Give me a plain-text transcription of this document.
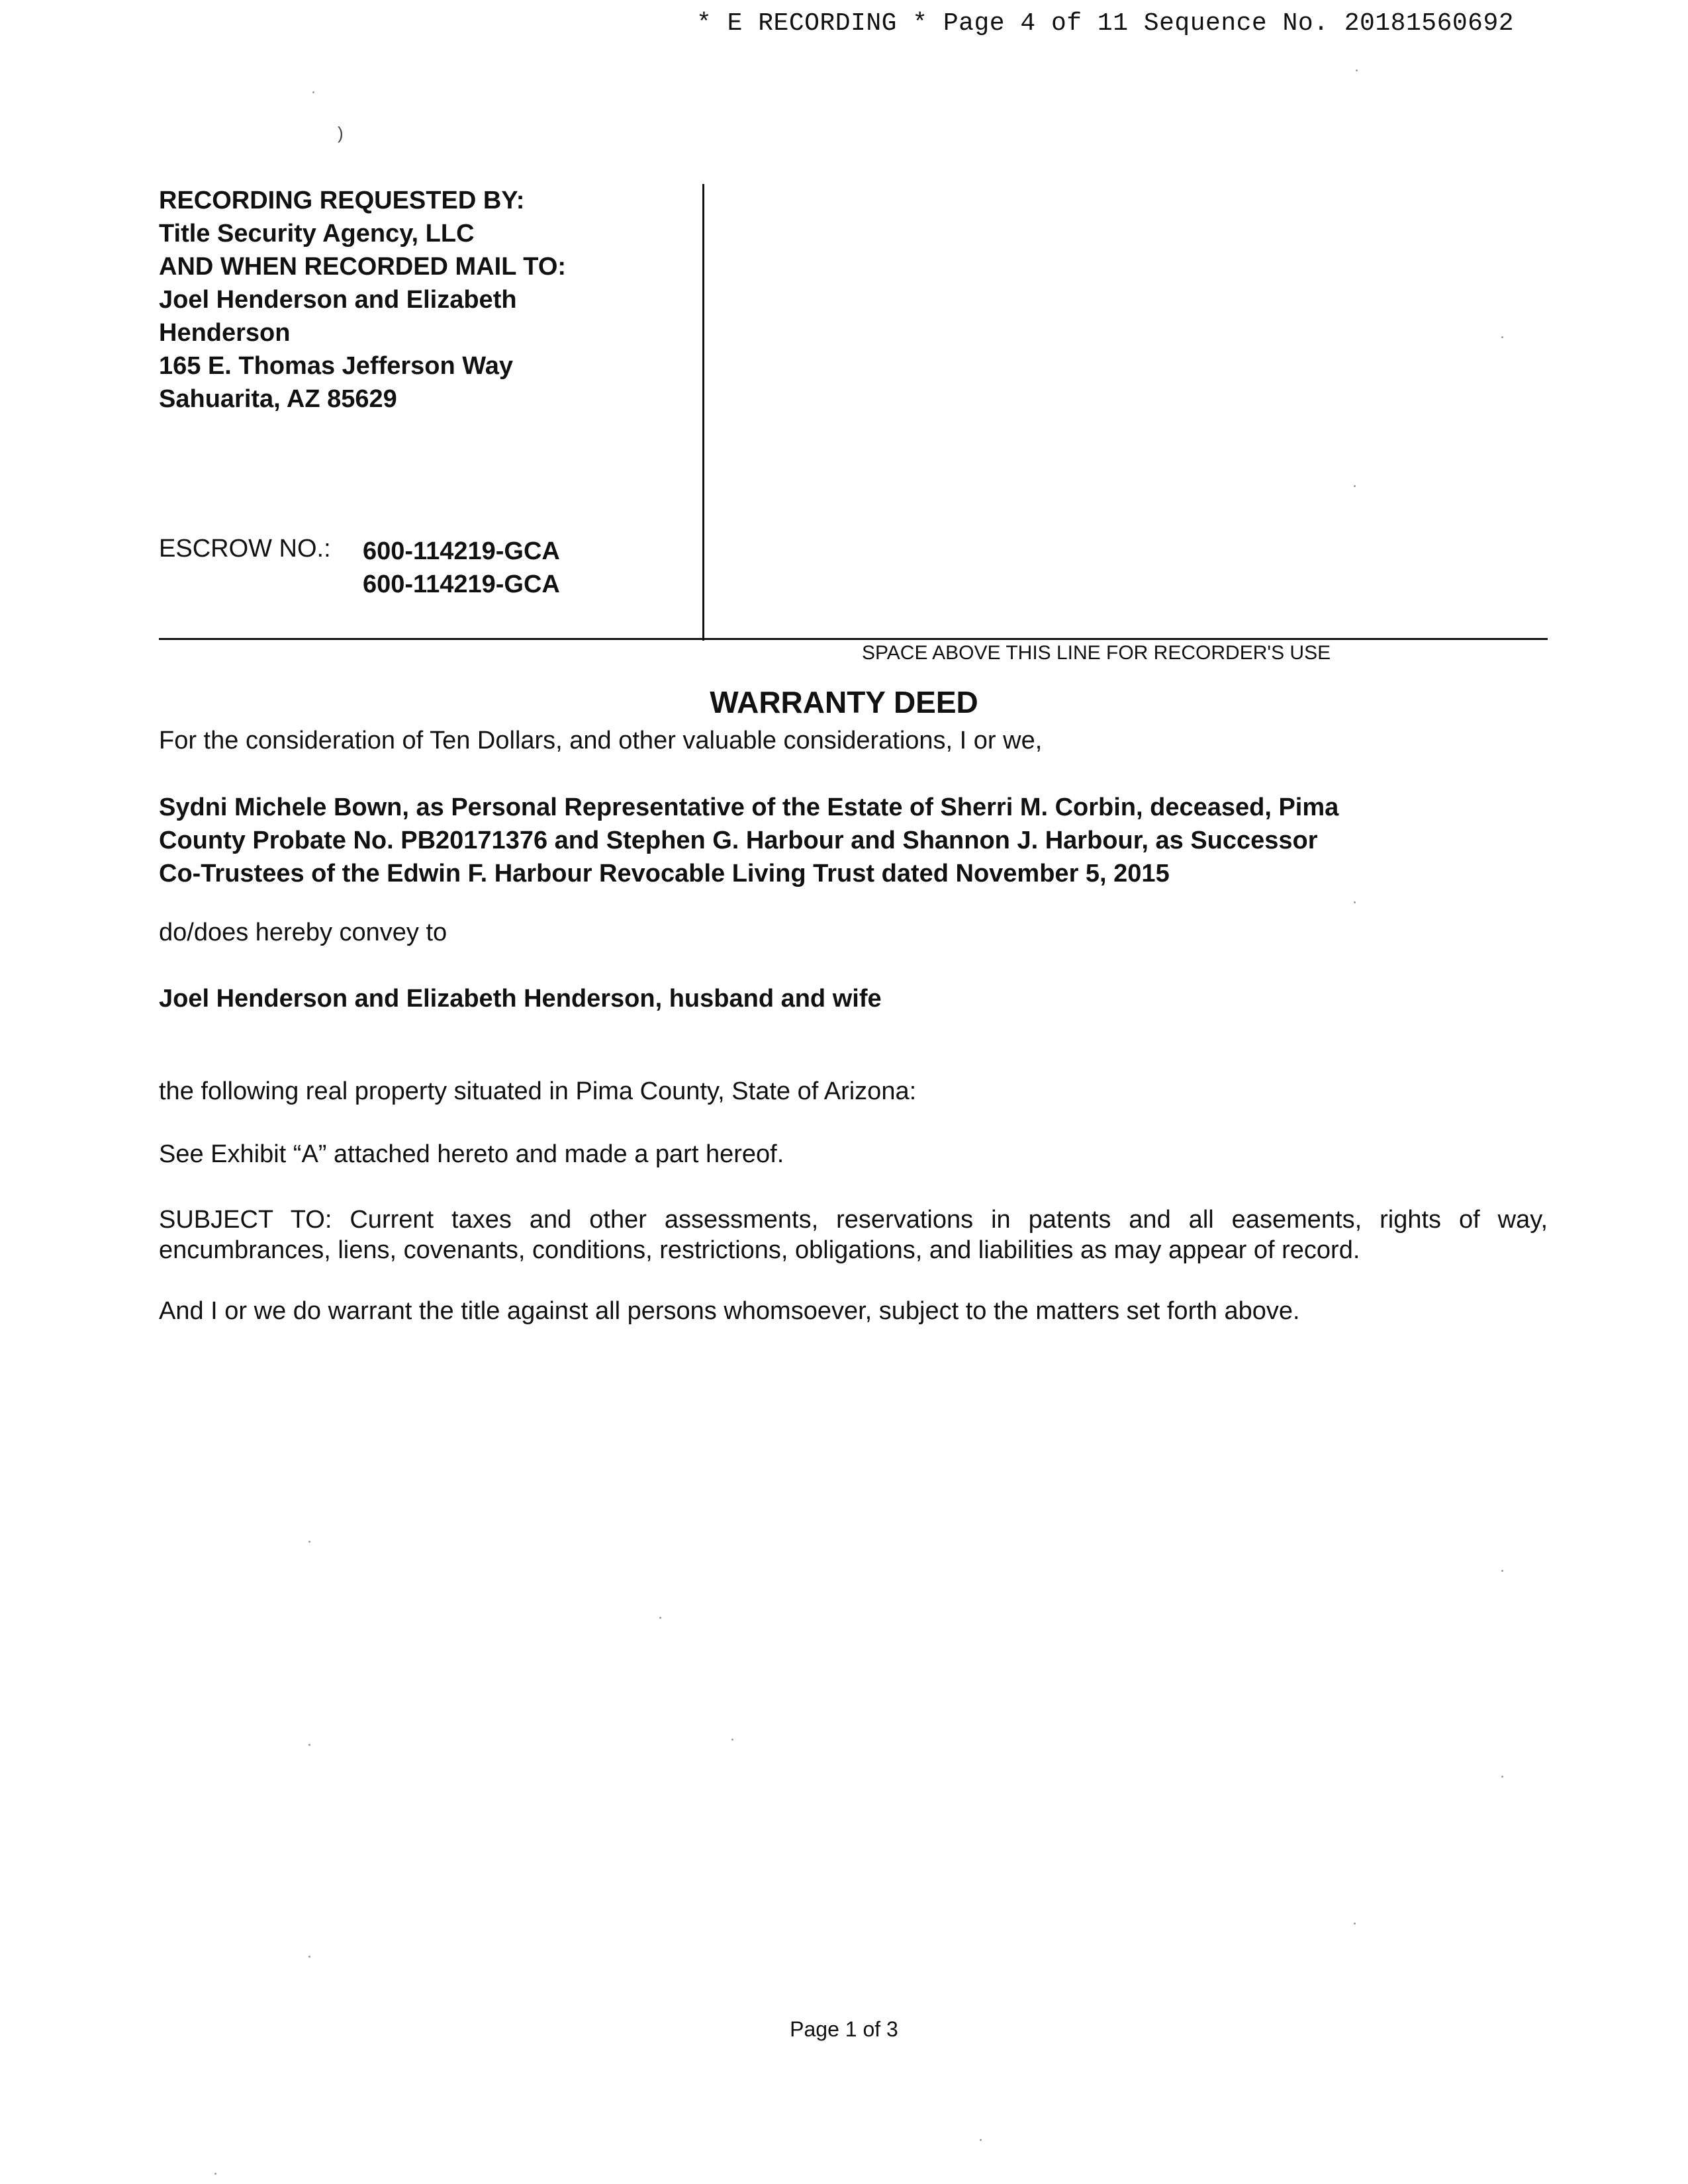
* E RECORDING * Page 4 of 11 Sequence No. 20181560692
)
RECORDING REQUESTED BY:
Title Security Agency, LLC
AND WHEN RECORDED MAIL TO:
Joel Henderson and Elizabeth
Henderson
165 E. Thomas Jefferson Way
Sahuarita, AZ 85629
ESCROW NO.: 600-114219-GCA
600-114219-GCA
SPACE ABOVE THIS LINE FOR RECORDER'S USE
WARRANTY DEED
For the consideration of Ten Dollars, and other valuable considerations, I or we,
Sydni Michele Bown, as Personal Representative of the Estate of Sherri M. Corbin, deceased, Pima
County Probate No. PB20171376 and Stephen G. Harbour and Shannon J. Harbour, as Successor
Co-Trustees of the Edwin F. Harbour Revocable Living Trust dated November 5, 2015
do/does hereby convey to
Joel Henderson and Elizabeth Henderson, husband and wife
the following real property situated in Pima County, State of Arizona:
See Exhibit “A” attached hereto and made a part hereof.
SUBJECT TO: Current taxes and other assessments, reservations in patents and all easements, rights of way,
encumbrances, liens, covenants, conditions, restrictions, obligations, and liabilities as may appear of record.
And I or we do warrant the title against all persons whomsoever, subject to the matters set forth above.
Page 1 of 3
